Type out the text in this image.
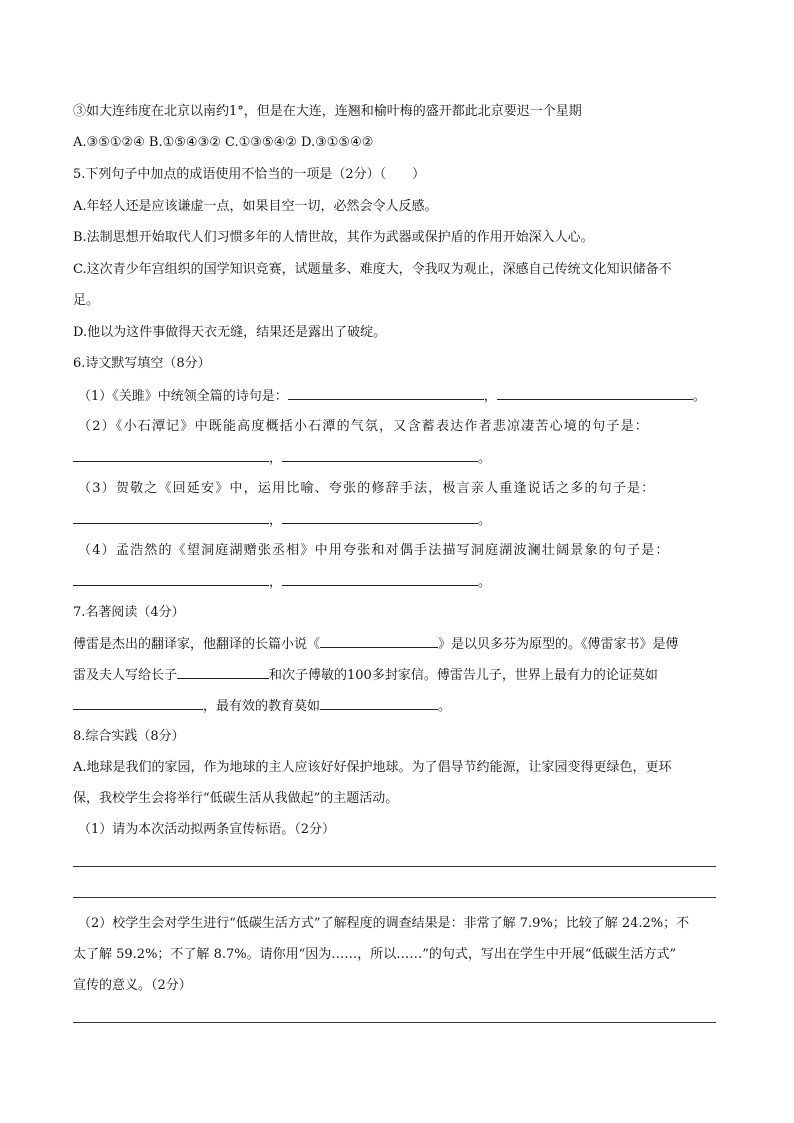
③如大连纬度在北京以南约1°，但是在大连，连翘和榆叶梅的盛开都此北京要迟一个星期
A.③⑤①②④ B.①⑤④③② C.①③⑤④② D.③①⑤④②
5.下列句子中加点的成语使用不恰当的一项是（2分）（　　）
A.年轻人还是应该谦虚一点，如果目空一切，必然会令人反感。
B.法制思想开始取代人们习惯多年的人情世故，其作为武器或保护盾的作用开始深入人心。
C.这次青少年宫组织的国学知识竞赛，试题量多、难度大，令我叹为观止，深感自己传统文化知识储备不
足。
D.他以为这件事做得天衣无缝，结果还是露出了破绽。
6.诗文默写填空（8分）
（1）《关雎》中统领全篇的诗句是：	，	。
（2）《小石潭记》中既能高度概括小石潭的气氛，又含蓄表达作者悲凉凄苦心境的句子是：
，	。
（3）贺敬之《回延安》中，运用比喻、夸张的修辞手法，极言亲人重逢说话之多的句子是：
，	。
（4）孟浩然的《望洞庭湖赠张丞相》中用夸张和对偶手法描写洞庭湖波澜壮阔景象的句子是：
，	。
7.名著阅读（4分）
傅雷是杰出的翻译家，他翻译的长篇小说《	》是以贝多芬为原型的。《傅雷家书》是傅
雷及夫人写给长子	和次子傅敏的100多封家信。傅雷告儿子，世界上最有力的论证莫如
，最有效的教育莫如	。
8.综合实践（8分）
A.地球是我们的家园，作为地球的主人应该好好保护地球。为了倡导节约能源，让家园变得更绿色，更环
保，我校学生会将举行“低碳生活从我做起”的主题活动。
（1）请为本次活动拟两条宣传标语。（2分）
（2）校学生会对学生进行“低碳生活方式”了解程度的调查结果是：非常了解 7.9%；比较了解 24.2%；不
太了解 59.2%；不了解 8.7%。请你用“因为……，所以……”的句式，写出在学生中开展“低碳生活方式”
宣传的意义。（2分）
